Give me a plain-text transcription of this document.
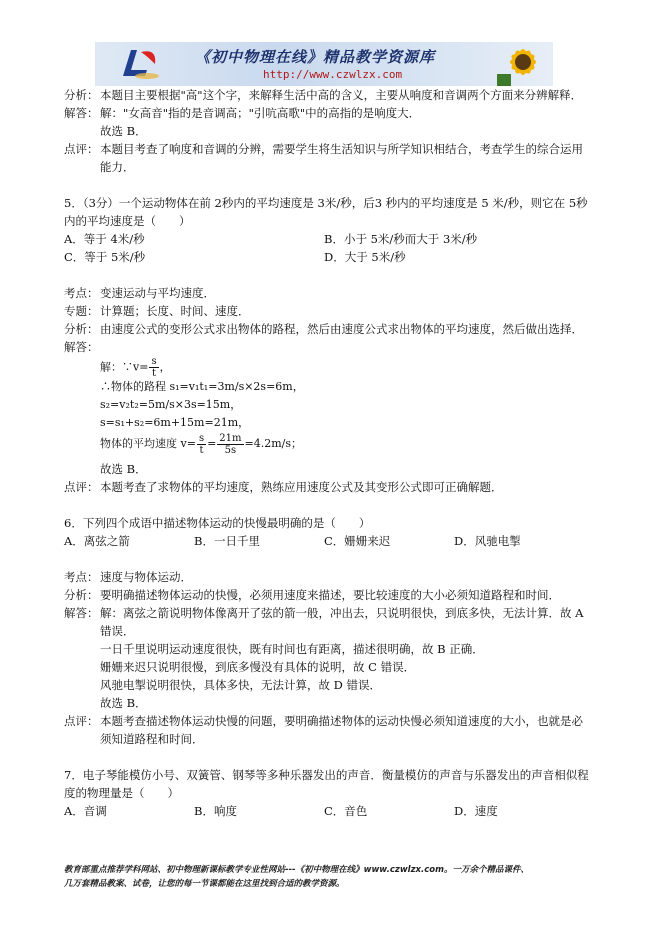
《初中物理在线》精品教学资源库
http://www.czwlzx.com
分析： 本题目主要根据"高"这个字，来解释生活中高的含义，主要从响度和音调两个方面来分辨解释．
解答： 解："女高音"指的是音调高；"引吭高歌"中的高指的是响度大．
故选 B．
点评： 本题目考查了响度和音调的分辨，需要学生将生活知识与所学知识相结合，考查学生的综合运用能力．
5．（3分）一个运动物体在前 2秒内的平均速度是 3米/秒，后3 秒内的平均速度是 5 米/秒，则它在 5秒内的平均速度是（　　）
A．等于 4米/秒	B．小于 5米/秒而大于 3米/秒
C．等于 5米/秒	D．大于 5米/秒
考点： 变速运动与平均速度．
专题： 计算题；长度、时间、速度．
分析： 由速度公式的变形公式求出物体的路程，然后由速度公式求出物体的平均速度，然后做出选择．
解答：
解：∵v= $\frac{s}{t}$ ，
∴物体的路程 s₁=v₁t₁=3m/s×2s=6m，
s₂=v₂t₂=5m/s×3s=15m，
s=s₁+s₂=6m+15m=21m，
物体的平均速度 $v= \frac{s}{t} = \frac{21m}{5s} =4.2m/s$；
故选 B．
点评： 本题考查了求物体的平均速度，熟练应用速度公式及其变形公式即可正确解题．
6．下列四个成语中描述物体运动的快慢最明确的是（　　）
A．离弦之箭	B．一日千里	C．姗姗来迟	D．风驰电掣
考点： 速度与物体运动．
分析： 要明确描述物体运动的快慢，必须用速度来描述，要比较速度的大小必须知道路程和时间．
解答： 解：离弦之箭说明物体像离开了弦的箭一般，冲出去，只说明很快，到底多快，无法计算．故 A 错误．
一日千里说明运动速度很快，既有时间也有距离，描述很明确，故 B 正确．
姗姗来迟只说明很慢，到底多慢没有具体的说明，故 C 错误．
风驰电掣说明很快，具体多快，无法计算，故 D 错误．
故选 B．
点评： 本题考查描述物体运动快慢的问题，要明确描述物体的运动快慢必须知道速度的大小，也就是必须知道路程和时间．
7．电子琴能模仿小号、双簧管、钢琴等多种乐器发出的声音．衡量模仿的声音与乐器发出的声音相似程度的物理量是（　　）
A．音调	B．响度	C．音色	D．速度
教育部重点推荐学科网站、初中物理新课标教学专业性网站---《初中物理在线》www.czwlzx.com。一万余个精品课件、
几万套精品教案、试卷，让您的每一节课都能在这里找到合适的教学资源。
